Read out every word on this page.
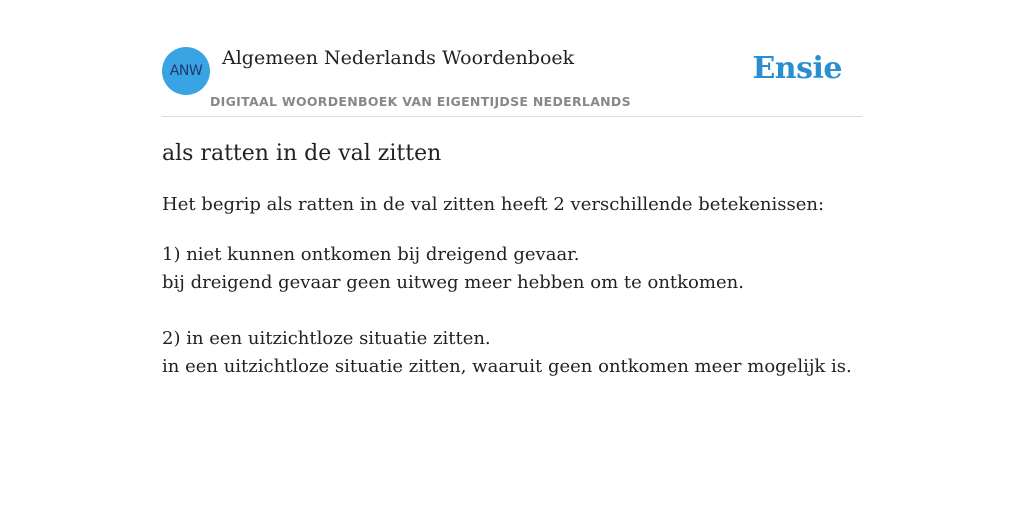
ANW
Algemeen Nederlands Woordenboek
DIGITAAL WOORDENBOEK VAN EIGENTIJDSE NEDERLANDS
Ensie
als ratten in de val zitten

Het begrip als ratten in de val zitten heeft 2 verschillende betekenissen:

1) niet kunnen ontkomen bij dreigend gevaar.
bij dreigend gevaar geen uitweg meer hebben om te ontkomen.
2) in een uitzichtloze situatie zitten.
in een uitzichtloze situatie zitten, waaruit geen ontkomen meer mogelijk is.
